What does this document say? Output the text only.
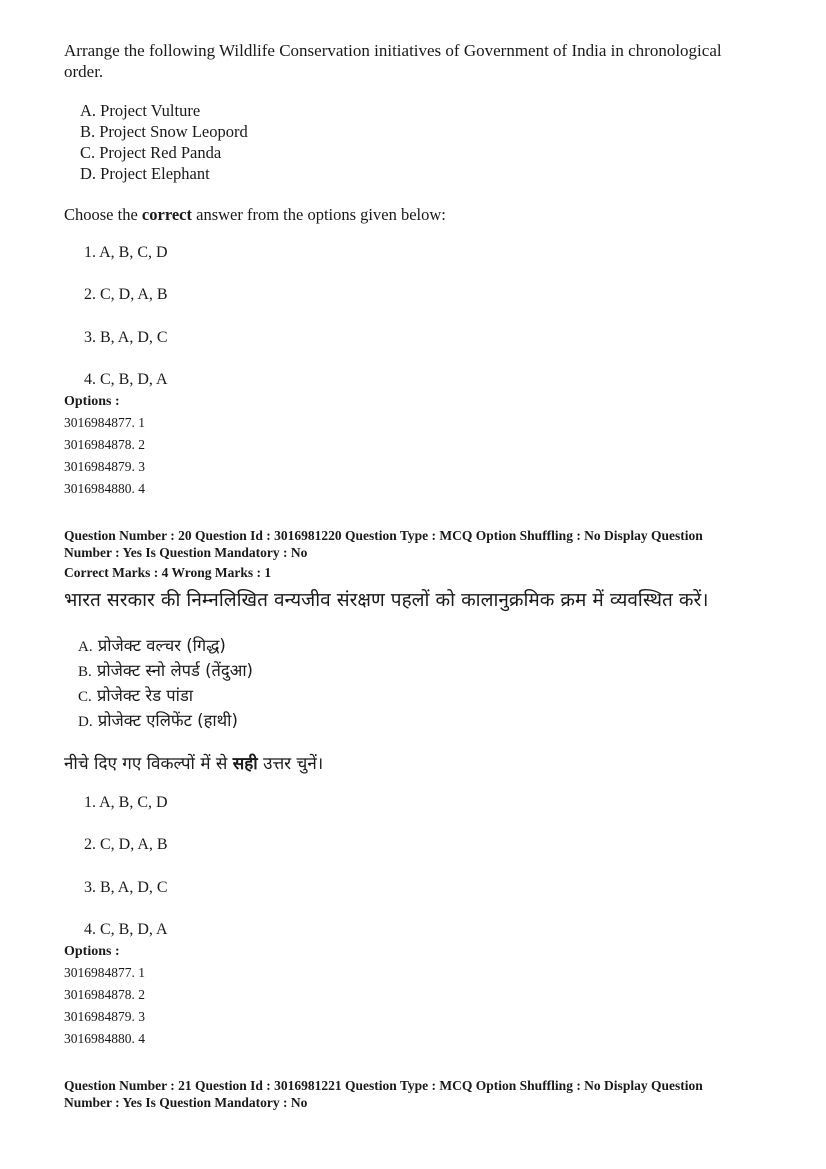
Arrange the following Wildlife Conservation initiatives of Government of India in chronological
order.
A. Project Vulture
B. Project Snow Leopord
C. Project Red Panda
D. Project Elephant
Choose the correct answer from the options given below:
1. A, B, C, D
2. C, D, A, B
3. B, A, D, C
4. C, B, D, A
Options :
3016984877. 1
3016984878. 2
3016984879. 3
3016984880. 4
Question Number : 20 Question Id : 3016981220 Question Type : MCQ Option Shuffling : No Display Question
Number : Yes Is Question Mandatory : No
Correct Marks : 4 Wrong Marks : 1
भारत सरकार की निम्नलिखित वन्यजीव संरक्षण पहलों को कालानुक्रमिक क्रम में व्यवस्थित करें।
A. प्रोजेक्ट वल्चर (गिद्ध)
B. प्रोजेक्ट स्नो लेपर्ड (तेंदुआ)
C. प्रोजेक्ट रेड पांडा
D. प्रोजेक्ट एलिफेंट (हाथी)
नीचे दिए गए विकल्पों में से सही उत्तर चुनें।
1. A, B, C, D
2. C, D, A, B
3. B, A, D, C
4. C, B, D, A
Options :
3016984877. 1
3016984878. 2
3016984879. 3
3016984880. 4
Question Number : 21 Question Id : 3016981221 Question Type : MCQ Option Shuffling : No Display Question
Number : Yes Is Question Mandatory : No
